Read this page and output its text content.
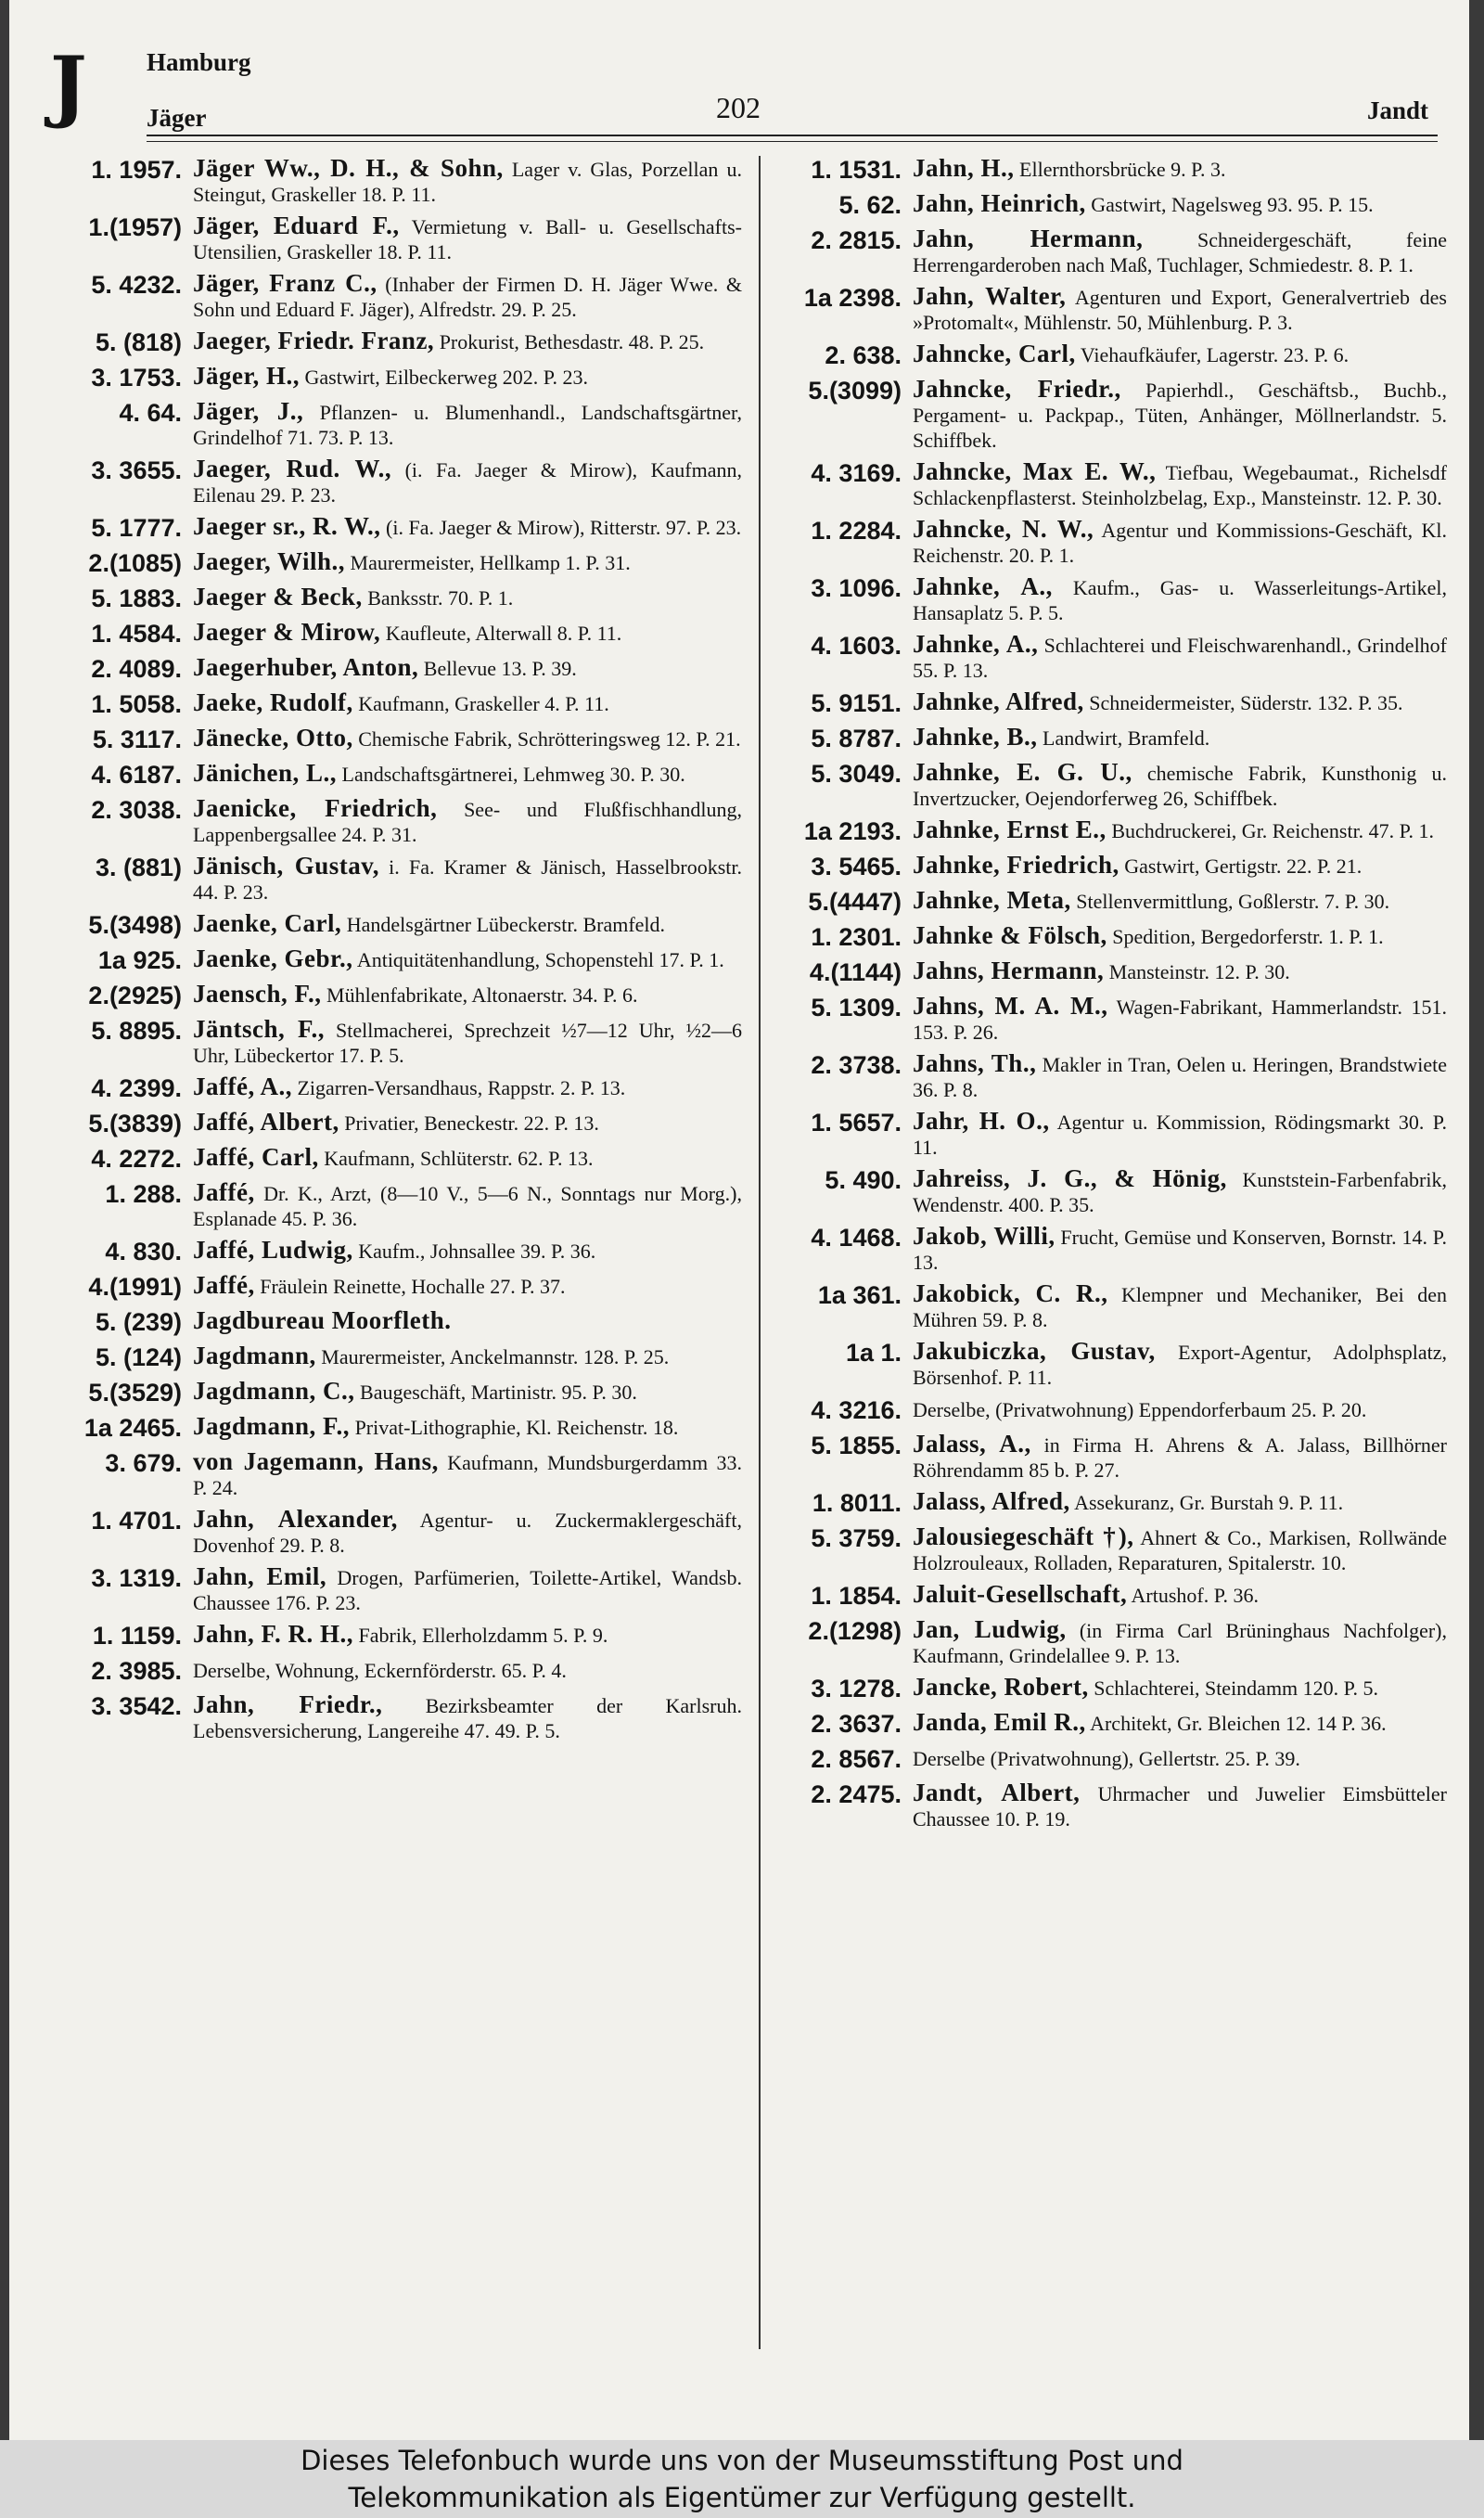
J Hamburg
Jäger	202	Jandt
1. 1957. Jäger Ww., D. H., & Sohn, Lager v. Glas, Porzellan u. Steingut, Graskeller 18. P. 11.
1.(1957) Jäger, Eduard F., Vermietung v. Ball- u. Gesellschafts-Utensilien, Graskeller 18. P. 11.
5. 4232. Jäger, Franz C., (Inhaber der Firmen D. H. Jäger Wwe. & Sohn und Eduard F. Jäger), Alfredstr. 29. P. 25.
5. (818) Jaeger, Friedr. Franz, Prokurist, Bethesdastr. 48. P. 25.
3. 1753. Jäger, H., Gastwirt, Eilbeckerweg 202. P. 23.
4. 64. Jäger, J., Pflanzen- u. Blumenhandl., Landschaftsgärtner, Grindelhof 71. 73. P. 13.
3. 3655. Jaeger, Rud. W., (i. Fa. Jaeger & Mirow), Kaufmann, Eilenau 29. P. 23.
5. 1777. Jaeger sr., R. W., (i. Fa. Jaeger & Mirow), Ritterstr. 97. P. 23.
2.(1085) Jaeger, Wilh., Maurermeister, Hellkamp 1. P. 31.
5. 1883. Jaeger & Beck, Banksstr. 70. P. 1.
1. 4584. Jaeger & Mirow, Kaufleute, Alterwall 8. P. 11.
2. 4089. Jaegerhuber, Anton, Bellevue 13. P. 39.
1. 5058. Jaeke, Rudolf, Kaufmann, Graskeller 4. P. 11.
5. 3117. Jänecke, Otto, Chemische Fabrik, Schrötteringsweg 12. P. 21.
4. 6187. Jänichen, L., Landschaftsgärtnerei, Lehmweg 30. P. 30.
2. 3038. Jaenicke, Friedrich, See- und Flußfischhandlung, Lappenbergsallee 24. P. 31.
3. (881) Jänisch, Gustav, i. Fa. Kramer & Jänisch, Hasselbrookstr. 44. P. 23.
5.(3498) Jaenke, Carl, Handelsgärtner Lübeckerstr. Bramfeld.
1a 925. Jaenke, Gebr., Antiquitätenhandlung, Schopenstehl 17. P. 1.
2.(2925) Jaensch, F., Mühlenfabrikate, Altonaerstr. 34. P. 6.
5. 8895. Jäntsch, F., Stellmacherei, Sprechzeit ½7—12 Uhr, ½2—6 Uhr, Lübeckertor 17. P. 5.
4. 2399. Jaffé, A., Zigarren-Versandhaus, Rappstr. 2. P. 13.
5.(3839) Jaffé, Albert, Privatier, Beneckestr. 22. P. 13.
4. 2272. Jaffé, Carl, Kaufmann, Schlüterstr. 62. P. 13.
1. 288. Jaffé, Dr. K., Arzt, (8—10 V., 5—6 N., Sonntags nur Morg.), Esplanade 45. P. 36.
4. 830. Jaffé, Ludwig, Kaufm., Johnsallee 39. P. 36.
4.(1991) Jaffé, Fräulein Reinette, Hochalle 27. P. 37.
5. (239) Jagdbureau Moorfleth.
5. (124) Jagdmann, Maurermeister, Anckelmannstr. 128. P. 25.
5.(3529) Jagdmann, C., Baugeschäft, Martinistr. 95. P. 30.
1a 2465. Jagdmann, F., Privat-Lithographie, Kl. Reichenstr. 18.
3. 679. von Jagemann, Hans, Kaufmann, Mundsburgerdamm 33. P. 24.
1. 4701. Jahn, Alexander, Agentur- u. Zuckermaklergeschäft, Dovenhof 29. P. 8.
3. 1319. Jahn, Emil, Drogen, Parfümerien, Toilette-Artikel, Wandsb. Chaussee 176. P. 23.
1. 1159. Jahn, F. R. H., Fabrik, Ellerholzdamm 5. P. 9.
2. 3985. Derselbe, Wohnung, Eckernförderstr. 65. P. 4.
3. 3542. Jahn, Friedr., Bezirksbeamter der Karlsruh. Lebensversicherung, Langereihe 47. 49. P. 5.
1. 1531. Jahn, H., Ellernthorsbrücke 9. P. 3.
5. 62. Jahn, Heinrich, Gastwirt, Nagelsweg 93. 95. P. 15.
2. 2815. Jahn, Hermann,	Schneidergeschäft, feine Herrengarderoben nach Maß, Tuchlager, Schmiedestr. 8. P. 1.
1a 2398. Jahn, Walter, Agenturen und Export, Generalvertrieb des »Protomalt«, Mühlenstr. 50, Mühlenburg. P. 3.
2. 638. Jahncke, Carl, Viehaufkäufer, Lagerstr. 23. P. 6.
5.(3099) Jahncke, Friedr., Papierhdl., Geschäftsb., Buchb., Pergament- u. Packpap., Tüten, Anhänger, Möllnerlandstr. 5. Schiffbek.
4. 3169. Jahncke, Max E. W., Tiefbau, Wegebaumat., Richelsdf Schlackenpflasterst. Steinholzbelag, Exp., Mansteinstr. 12. P. 30.
1. 2284. Jahncke, N. W., Agentur und Kommissions-Geschäft, Kl. Reichenstr. 20. P. 1.
3. 1096. Jahnke, A., Kaufm., Gas- u. Wasserleitungs-Artikel, Hansaplatz 5. P. 5.
4. 1603. Jahnke, A., Schlachterei und Fleischwarenhandl., Grindelhof 55. P. 13.
5. 9151. Jahnke, Alfred, Schneidermeister, Süderstr. 132. P. 35.
5. 8787. Jahnke, B., Landwirt, Bramfeld.
5. 3049. Jahnke, E. G. U., chemische Fabrik, Kunsthonig u. Invertzucker, Oejendorferweg 26, Schiffbek.
1a 2193. Jahnke, Ernst E., Buchdruckerei, Gr. Reichenstr. 47. P. 1.
3. 5465. Jahnke, Friedrich, Gastwirt, Gertigstr. 22. P. 21.
5.(4447) Jahnke, Meta, Stellenvermittlung, Goßlerstr. 7. P. 30.
1. 2301. Jahnke & Fölsch, Spedition, Bergedorferstr. 1. P. 1.
4.(1144) Jahns, Hermann, Mansteinstr. 12. P. 30.
5. 1309. Jahns, M. A. M., Wagen-Fabrikant, Hammerlandstr. 151. 153. P. 26.
2. 3738. Jahns, Th., Makler in Tran, Oelen u. Heringen, Brandstwiete 36. P. 8.
1. 5657. Jahr, H. O., Agentur u. Kommission, Rödingsmarkt 30. P. 11.
5. 490. Jahreiss, J. G., & Hönig, Kunststein-Farbenfabrik, Wendenstr. 400. P. 35.
4. 1468. Jakob, Willi, Frucht, Gemüse und Konserven, Bornstr. 14. P. 13.
1a 361. Jakobick, C. R., Klempner und Mechaniker, Bei den Mühren 59. P. 8.
1a 1. Jakubiczka, Gustav, Export-Agentur, Adolphsplatz, Börsenhof. P. 11.
4. 3216. Derselbe, (Privatwohnung) Eppendorferbaum 25. P. 20.
5. 1855. Jalass, A., in Firma H. Ahrens & A. Jalass, Billhörner Röhrendamm 85 b. P. 27.
1. 8011. Jalass, Alfred, Assekuranz, Gr. Burstah 9. P. 11.
5. 3759. Jalousiegeschäft †), Ahnert & Co., Markisen, Rollwände Holzrouleaux, Rolladen, Reparaturen, Spitalerstr. 10.
1. 1854. Jaluit-Gesellschaft, Artushof. P. 36.
2.(1298) Jan, Ludwig, (in Firma Carl Brüninghaus Nachfolger), Kaufmann, Grindelallee 9. P. 13.
3. 1278. Jancke, Robert, Schlachterei, Steindamm 120. P. 5.
2. 3637. Janda, Emil R., Architekt, Gr. Bleichen 12. 14 P. 36.
2. 8567. Derselbe (Privatwohnung), Gellertstr. 25. P. 39.
2. 2475. Jandt, Albert, Uhrmacher und Juwelier Eimsbütteler Chaussee 10. P. 19.
Dieses Telefonbuch wurde uns von der Museumsstiftung Post und
Telekommunikation als Eigentümer zur Verfügung gestellt.
